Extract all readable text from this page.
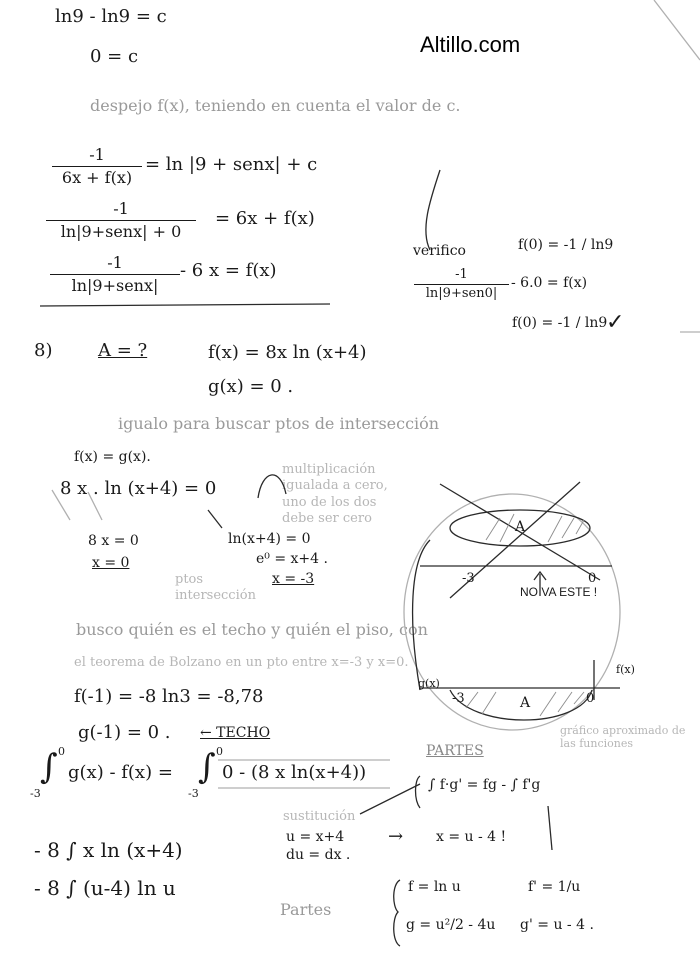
Altillo.com
ln9 - ln9 = c
0 = c
despejo f(x), teniendo en cuenta el valor de c.
-1
6x + f(x)
= ln |9 + senx| + c
-1
ln|9+senx| + 0
= 6x + f(x)
-1
ln|9+senx|
- 6 x = f(x)
verifico	f(0) = -1 / ln9
-1
ln|9+sen0|
- 6.0 = f(x)
f(0) = -1 / ln9
✓
8)	A = ?	f(x) = 8x ln (x+4)
g(x) = 0 .
igualo para buscar ptos de intersección
f(x) = g(x).
8 x . ln (x+4) = 0
multiplicación igualada a cero, uno de los dos debe ser cero
8 x = 0
x = 0
ln(x+4) = 0
e⁰ = x+4 .
x = -3
ptos intersección
busco quién es el techo y quién el piso, con
el teorema de Bolzano en un pto entre x=-3 y x=0.
f(-1) = -8 ln3 = -8,78
g(-1) = 0 . ← TECHO
∫ 0
-3
g(x) - f(x) = ∫ 0
-3
0 - (8 x ln(x+4))
PARTES
∫ f·g' = fg - ∫ f'g
sustitución
u = x+4
du = dx .
→ x = u - 4 !
- 8 ∫ x ln (x+4)
- 8 ∫ (u-4) ln u
Partes
f = ln u	f' = 1/u
g = u²/2 - 4u g' = u - 4 .
A
-3	0
NO VA ESTE !
A
-3	0
g(x)
f(x)
gráfico aproximado de las funciones
